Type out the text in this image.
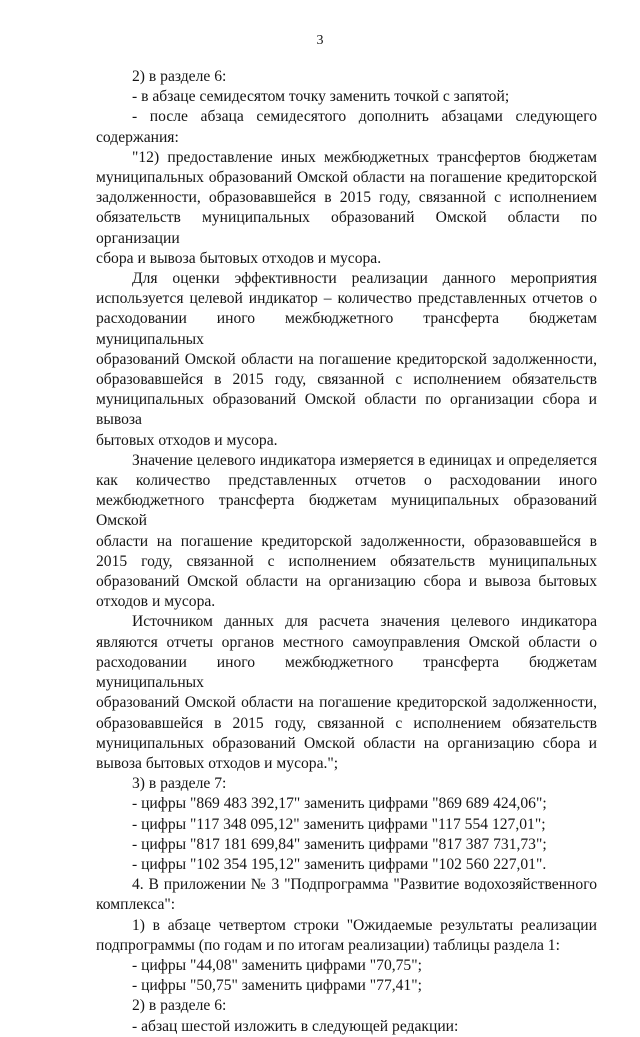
3

2) в разделе 6:

- в абзаце семидесятом точку заменить точкой с запятой;

- после абзаца семидесятого дополнить абзацами следующего

содержания:

"12) предоставление иных межбюджетных трансфертов бюджетам

муниципальных образований Омской области на погашение кредиторской

задолженности, образовавшейся в 2015 году, связанной с исполнением

обязательств муниципальных образований Омской области по организации

сбора и вывоза бытовых отходов и мусора.

Для оценки эффективности реализации данного мероприятия

используется целевой индикатор – количество представленных отчетов о

расходовании иного межбюджетного трансферта бюджетам муниципальных

образований Омской области на погашение кредиторской задолженности,

образовавшейся в 2015 году, связанной с исполнением обязательств

муниципальных образований Омской области по организации сбора и вывоза

бытовых отходов и мусора.

Значение целевого индикатора измеряется в единицах и определяется

как количество представленных отчетов о расходовании иного

межбюджетного трансферта бюджетам муниципальных образований Омской

области на погашение кредиторской задолженности, образовавшейся в

2015 году, связанной с исполнением обязательств муниципальных

образований Омской области на организацию сбора и вывоза бытовых

отходов и мусора.

Источником данных для расчета значения целевого индикатора

являются отчеты органов местного самоуправления Омской области о

расходовании иного межбюджетного трансферта бюджетам муниципальных

образований Омской области на погашение кредиторской задолженности,

образовавшейся в 2015 году, связанной с исполнением обязательств

муниципальных образований Омской области на организацию сбора и

вывоза бытовых отходов и мусора.";

3) в разделе 7:

- цифры "869 483 392,17" заменить цифрами "869 689 424,06";

- цифры "117 348 095,12" заменить цифрами "117 554 127,01";

- цифры "817 181 699,84" заменить цифрами "817 387 731,73";

- цифры "102 354 195,12" заменить цифрами "102 560 227,01".

4. В приложении № 3 "Подпрограмма "Развитие водохозяйственного

комплекса":

1) в абзаце четвертом строки "Ожидаемые результаты реализации

подпрограммы (по годам и по итогам реализации) таблицы раздела 1:

- цифры "44,08" заменить цифрами "70,75";

- цифры "50,75" заменить цифрами "77,41";

2) в разделе 6:

- абзац шестой изложить в следующей редакции:
